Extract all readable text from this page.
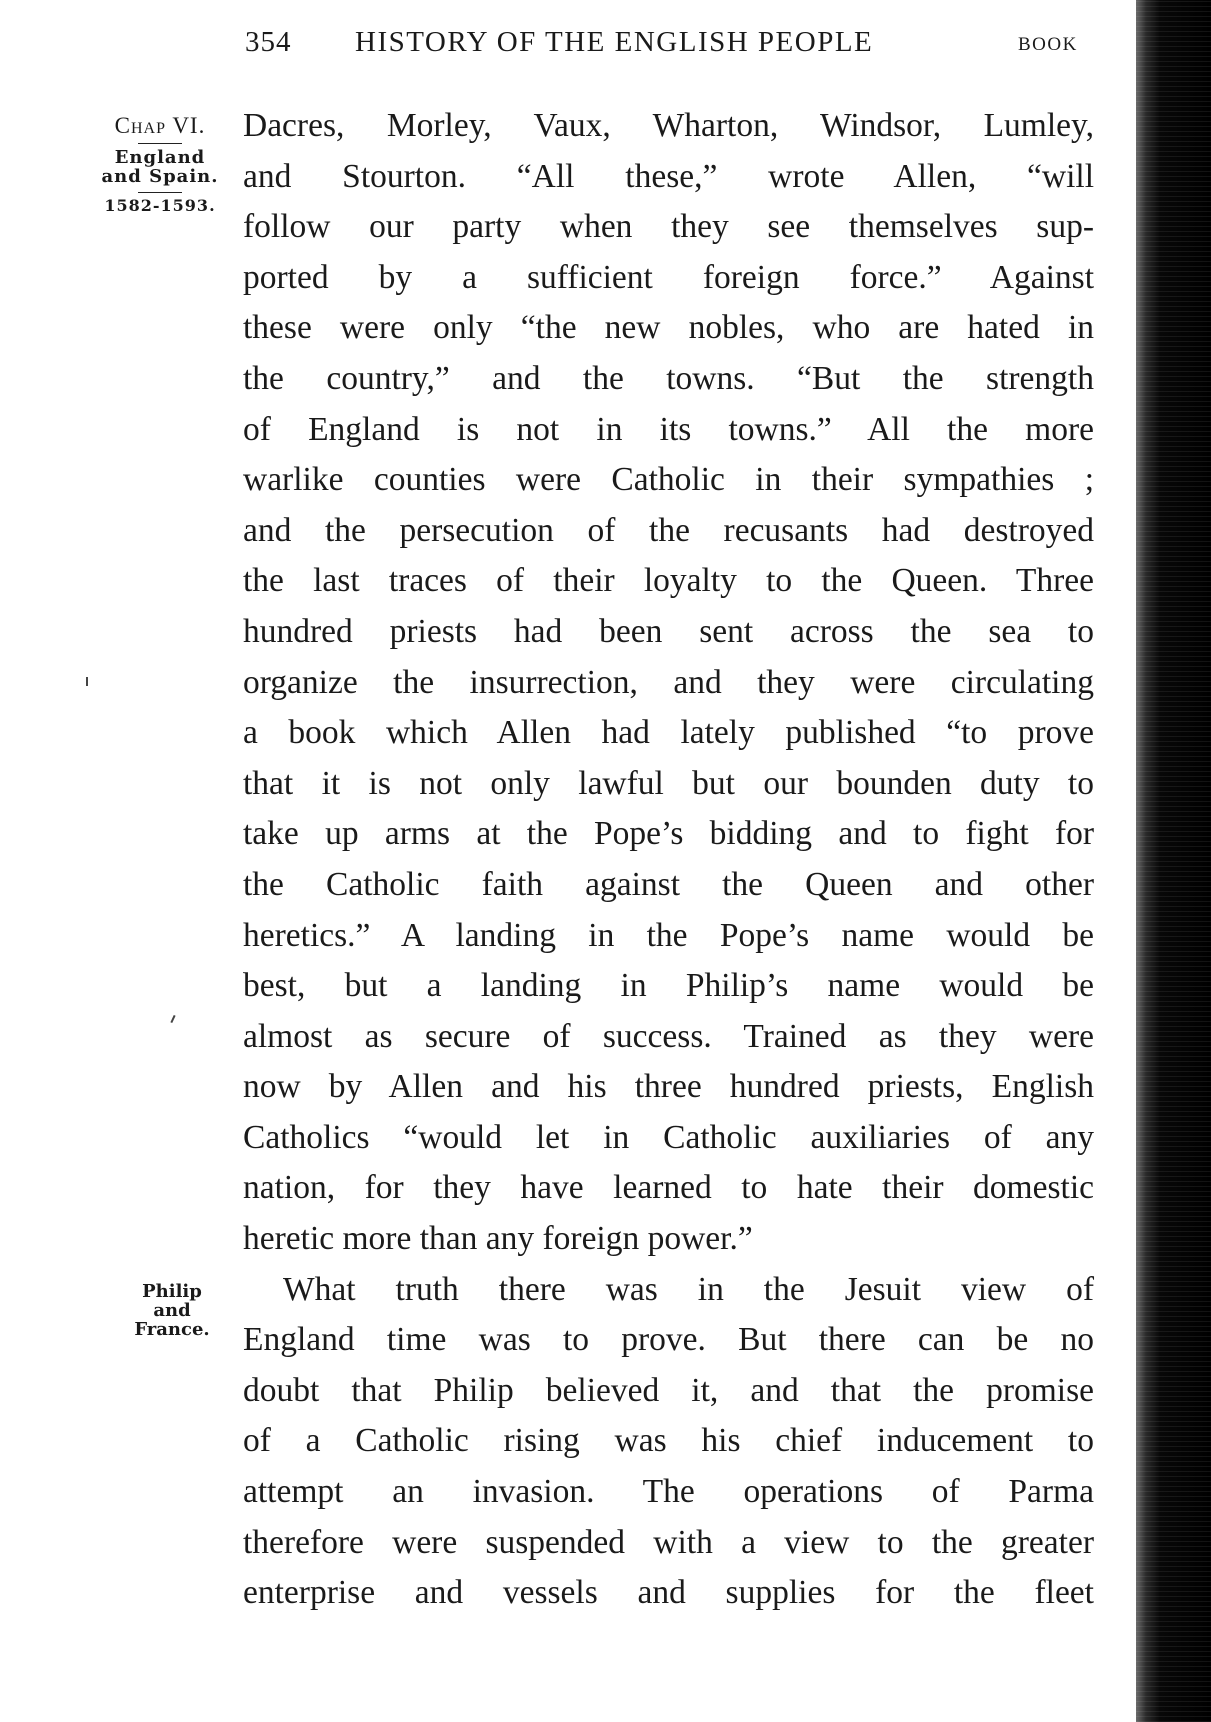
354 HISTORY OF THE ENGLISH PEOPLE	BOOK
Chap VI.
England
and Spain.
1582-1593.
Philip
and
France.
Dacres, Morley, Vaux, Wharton, Windsor, Lumley,
and Stourton. “All these,” wrote Allen, “will
follow our party when they see themselves sup-
ported by a sufficient foreign force.” Against
these were only “the new nobles, who are hated in
the country,” and the towns. “But the strength
of England is not in its towns.” All the more
warlike counties were Catholic in their sympathies ;
and the persecution of the recusants had destroyed
the last traces of their loyalty to the Queen. Three
hundred priests had been sent across the sea to
organize the insurrection, and they were circulating
a book which Allen had lately published “to prove
that it is not only lawful but our bounden duty to
take up arms at the Pope’s bidding and to fight for
the Catholic faith against the Queen and other
heretics.” A landing in the Pope’s name would be
best, but a landing in Philip’s name would be
almost as secure of success. Trained as they were
now by Allen and his three hundred priests, English
Catholics “would let in Catholic auxiliaries of any
nation, for they have learned to hate their domestic
heretic more than any foreign power.”
What truth there was in the Jesuit view of
England time was to prove. But there can be no
doubt that Philip believed it, and that the promise
of a Catholic rising was his chief inducement to
attempt an invasion. The operations of Parma
therefore were suspended with a view to the greater
enterprise and vessels and supplies for the fleet
